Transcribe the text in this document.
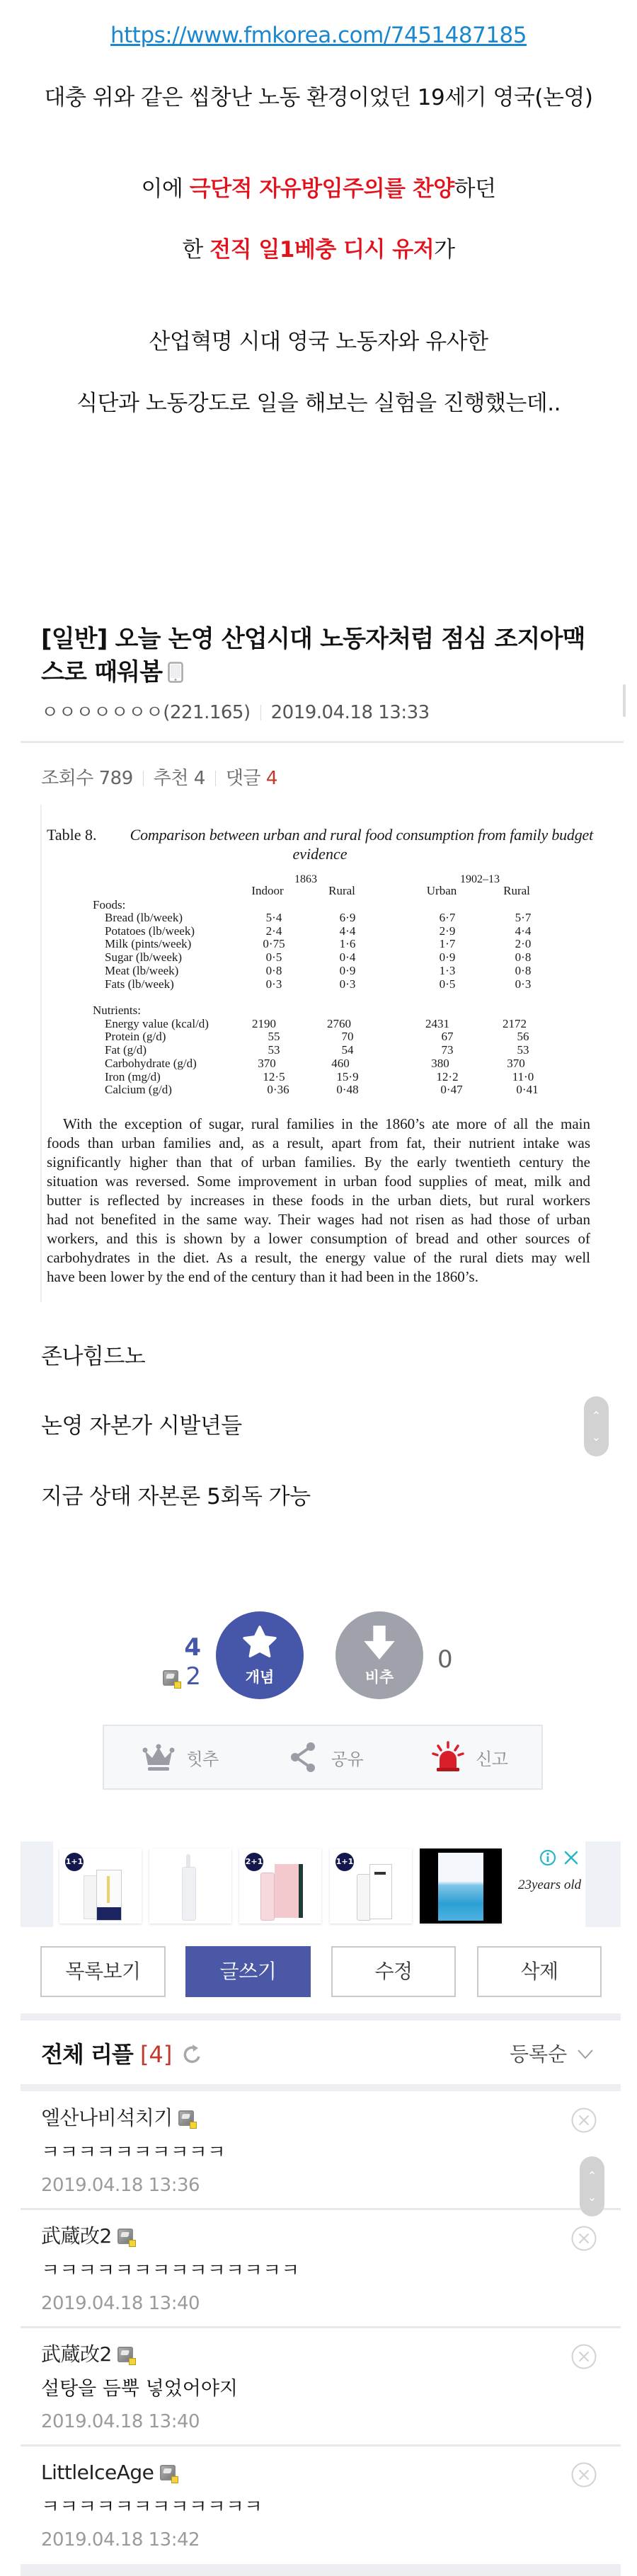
https://www.fmkorea.com/7451487185
대충 위와 같은 씹창난 노동 환경이었던 19세기 영국(논영)
이에 극단적 자유방임주의를 찬양하던
한 전직 일1베충 디시 유저가
산업혁명 시대 영국 노동자와 유사한
식단과 노동강도로 일을 해보는 실험을 진행했는데..
[일반] 오늘 논영 산업시대 노동자처럼 점심 조지아맥스로 때워봄
ㅇㅇㅇㅇㅇㅇㅇ(221.165) 2019.04.18 13:33
조회수 789 추천 4 댓글 4
Table 8. Comparison between urban and rural food consumption from family budget
evidence
1863	1902–13
Indoor	Rural	Urban	Rural
Foods:
Bread (lb/week)	5·4	6·9	6·7	5·7
Potatoes (lb/week)	2·4	4·4	2·9	4·4
Milk (pints/week)	0·75	1·6	1·7	2·0
Sugar (lb/week)	0·5	0·4	0·9	0·8
Meat (lb/week)	0·8	0·9	1·3	0·8
Fats (lb/week)	0·3	0·3	0·5	0·3
Nutrients:
Energy value (kcal/d)	2190	2760	2431	2172
Protein (g/d)	55	70	67	56
Fat (g/d)	53	54	73	53
Carbohydrate (g/d)	370	460	380	370
Iron (mg/d)	12·5	15·9	12·2	11·0
Calcium (g/d)	0·36	0·48	0·47	0·41
With the exception of sugar, rural families in the 1860’s ate more of all the main
foods than urban families and, as a result, apart from fat, their nutrient intake was
significantly higher than that of urban families. By the early twentieth century the
situation was reversed. Some improvement in urban food supplies of meat, milk and
butter is reflected by increases in these foods in the urban diets, but rural workers
had not benefited in the same way. Their wages had not risen as had those of urban
workers, and this is shown by a lower consumption of bread and other sources of
carbohydrates in the diet. As a result, the energy value of the rural diets may well
have been lower by the end of the century than it had been in the 1860’s.
존나힘드노
논영 자본가 시발년들
지금 상태 자본론 5회독 가능
⌃
⌄
4
2	개념	비추
0
힛추	공유	신고
1+1	2+1	1+1
23years old
목록보기	글쓰기	수정	삭제
전체 리플 [4]	등록순
엘산나비석치기
ㅋㅋㅋㅋㅋㅋㅋㅋㅋㅋ
2019.04.18 13:36
武蔵改2
ㅋㅋㅋㅋㅋㅋㅋㅋㅋㅋㅋㅋㅋㅋ
2019.04.18 13:40
武蔵改2
설탕을 듬뿍 넣었어야지
2019.04.18 13:40
LittleIceAge
ㅋㅋㅋㅋㅋㅋㅋㅋㅋㅋㅋㅋ
2019.04.18 13:42
⌃
⌄
